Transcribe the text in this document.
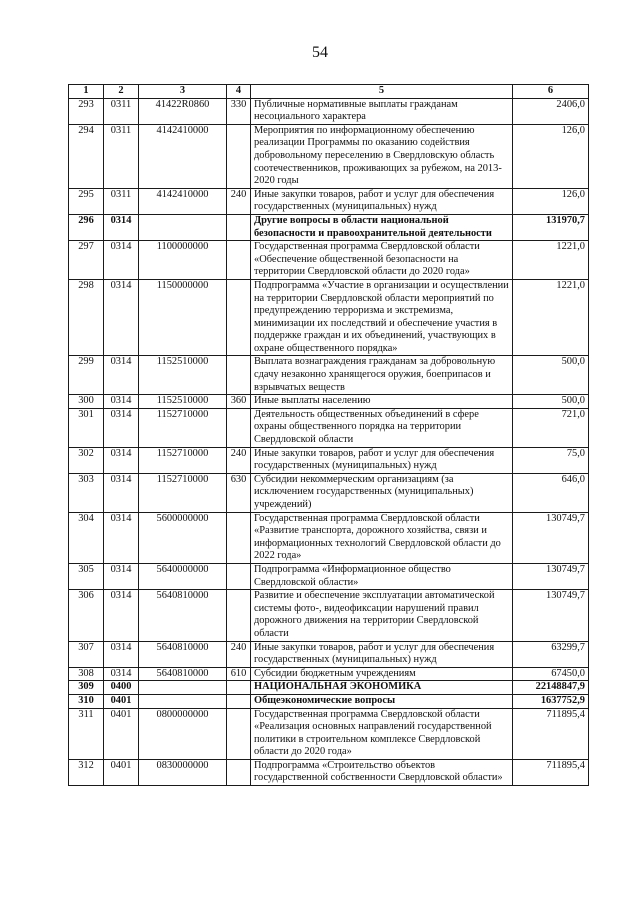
54
1	2	3	4	5	6
293	0311	41422R0860	330	Публичные нормативные выплаты гражданам несоциального характера	2406,0
294	0311	4142410000		Мероприятия по информационному обеспечению реализации Программы по оказанию содействия добровольному переселению в Свердловскую область соотечественников, проживающих за рубежом, на 2013-2020 годы	126,0
295	0311	4142410000	240	Иные закупки товаров, работ и услуг для обеспечения государственных (муниципальных) нужд	126,0
296	0314			Другие вопросы в области национальной безопасности и правоохранительной деятельности	131970,7
297	0314	1100000000		Государственная программа Свердловской области «Обеспечение общественной безопасности на территории Свердловской области до 2020 года»	1221,0
298	0314	1150000000		Подпрограмма «Участие в организации и осуществлении на территории Свердловской области мероприятий по предупреждению терроризма и экстремизма, минимизации их последствий и обеспечение участия в поддержке граждан и их объединений, участвующих в охране общественного порядка»	1221,0
299	0314	1152510000		Выплата вознаграждения гражданам за добровольную сдачу незаконно хранящегося оружия, боеприпасов и взрывчатых веществ	500,0
300	0314	1152510000	360	Иные выплаты населению	500,0
301	0314	1152710000		Деятельность общественных объединений в сфере охраны общественного порядка на территории Свердловской области	721,0
302	0314	1152710000	240	Иные закупки товаров, работ и услуг для обеспечения государственных (муниципальных) нужд	75,0
303	0314	1152710000	630	Субсидии некоммерческим организациям (за исключением государственных (муниципальных) учреждений)	646,0
304	0314	5600000000		Государственная программа Свердловской области «Развитие транспорта, дорожного хозяйства, связи и информационных технологий Свердловской области до 2022 года»	130749,7
305	0314	5640000000		Подпрограмма «Информационное общество Свердловской области»	130749,7
306	0314	5640810000		Развитие и обеспечение эксплуатации автоматической системы фото-, видеофиксации нарушений правил дорожного движения на территории Свердловской области	130749,7
307	0314	5640810000	240	Иные закупки товаров, работ и услуг для обеспечения государственных (муниципальных) нужд	63299,7
308	0314	5640810000	610	Субсидии бюджетным учреждениям	67450,0
309	0400			НАЦИОНАЛЬНАЯ ЭКОНОМИКА	22148847,9
310	0401			Общеэкономические вопросы	1637752,9
311	0401	0800000000		Государственная программа Свердловской области «Реализация основных направлений государственной политики в строительном комплексе Свердловской области до 2020 года»	711895,4
312	0401	0830000000		Подпрограмма «Строительство объектов государственной собственности Свердловской области»	711895,4
